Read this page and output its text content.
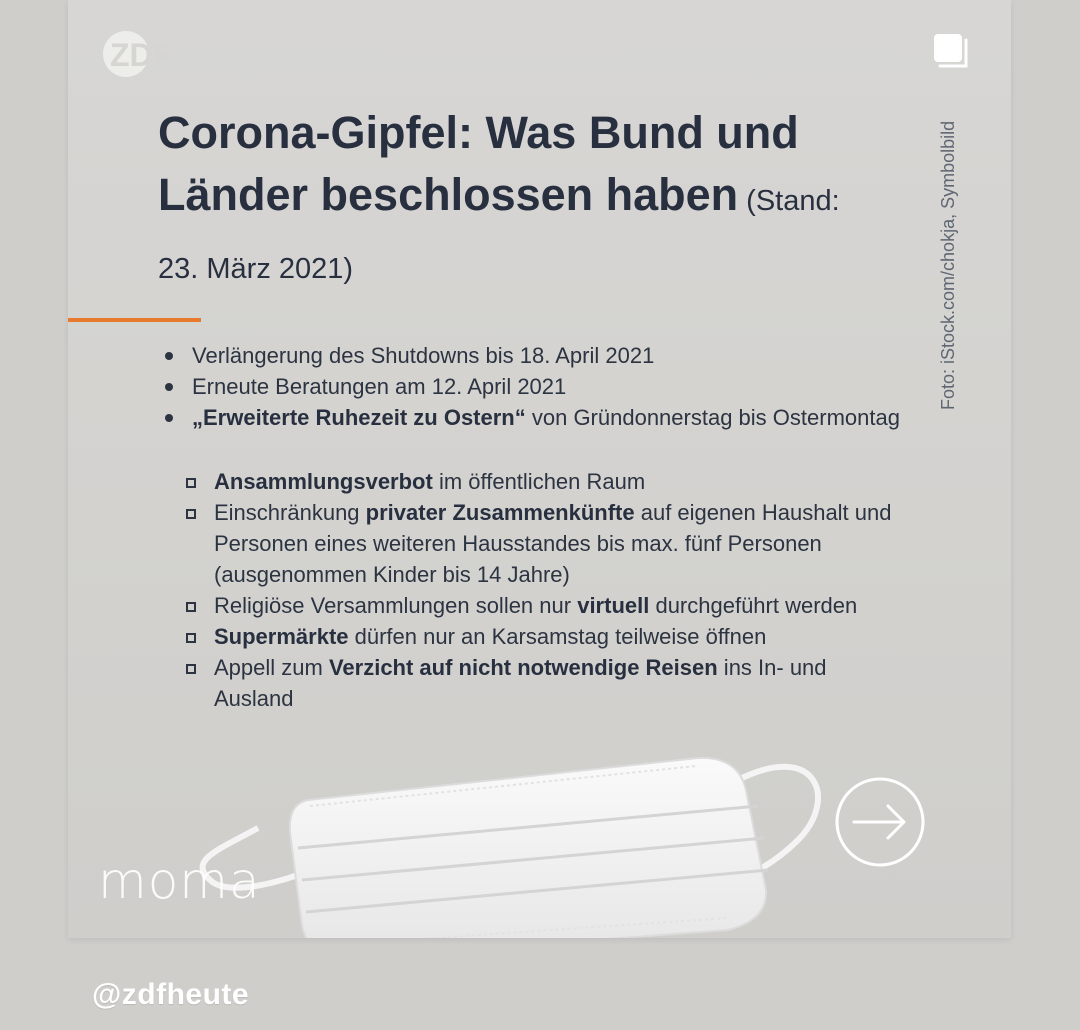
ZDF
Corona-Gipfel: Was Bund und Länder beschlossen haben (Stand: 23. März 2021)	Foto: iStock.com/chokja, Symbolbild
Verlängerung des Shutdowns bis 18. April 2021
Erneute Beratungen am 12. April 2021
„Erweiterte Ruhezeit zu Ostern“ von Gründonnerstag bis Ostermontag
Ansammlungsverbot im öffentlichen Raum
Einschränkung privater Zusammenkünfte auf eigenen Haushalt und Personen eines weiteren Hausstandes bis max. fünf Personen (ausgenommen Kinder bis 14 Jahre)
Religiöse Versammlungen sollen nur virtuell durchgeführt werden
Supermärkte dürfen nur an Karsamstag teilweise öffnen
Appell zum Verzicht auf nicht notwendige Reisen ins In- und Ausland
moma
@zdfheute
